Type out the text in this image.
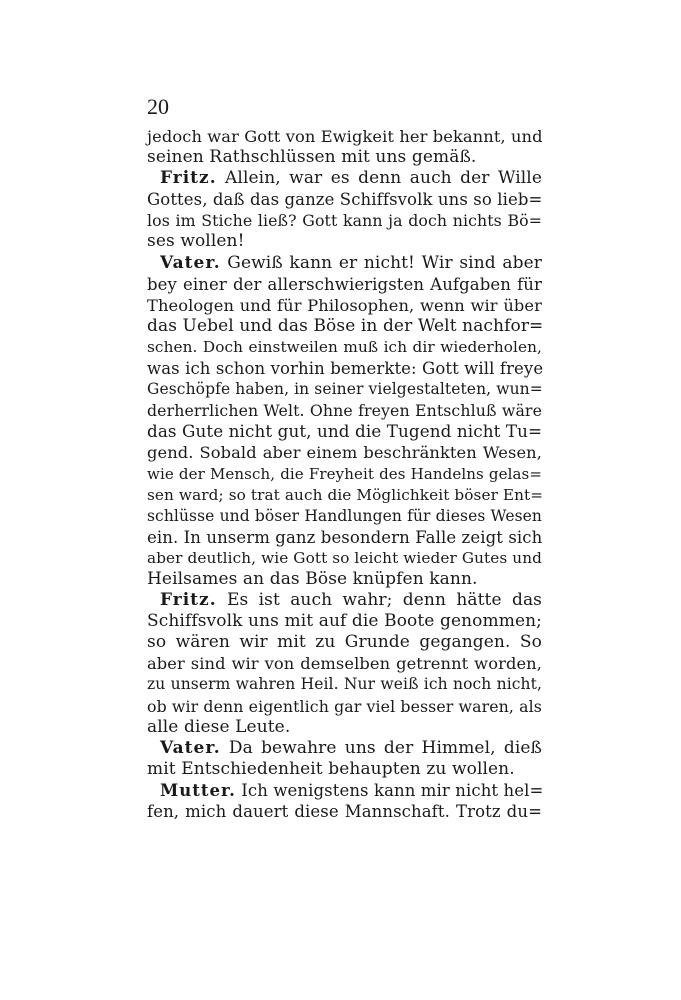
20
jedoch war Gott von Ewigkeit her bekannt, und
seinen Rathschlüssen mit uns gemäß.
Fritz. Allein, war es denn auch der Wille
Gottes, daß das ganze Schiffsvolk uns so lieb=
los im Stiche ließ? Gott kann ja doch nichts Bö=
ses wollen!
Vater. Gewiß kann er nicht! Wir sind aber
bey einer der allerschwierigsten Aufgaben für
Theologen und für Philosophen, wenn wir über
das Uebel und das Böse in der Welt nachfor=
schen. Doch einstweilen muß ich dir wiederholen,
was ich schon vorhin bemerkte: Gott will freye
Geschöpfe haben, in seiner vielgestalteten, wun=
derherrlichen Welt. Ohne freyen Entschluß wäre
das Gute nicht gut, und die Tugend nicht Tu=
gend. Sobald aber einem beschränkten Wesen,
wie der Mensch, die Freyheit des Handelns gelas=
sen ward; so trat auch die Möglichkeit böser Ent=
schlüsse und böser Handlungen für dieses Wesen
ein. In unserm ganz besondern Falle zeigt sich
aber deutlich, wie Gott so leicht wieder Gutes und
Heilsames an das Böse knüpfen kann.
Fritz. Es ist auch wahr; denn hätte das
Schiffsvolk uns mit auf die Boote genommen;
so wären wir mit zu Grunde gegangen. So
aber sind wir von demselben getrennt worden,
zu unserm wahren Heil. Nur weiß ich noch nicht,
ob wir denn eigentlich gar viel besser waren, als
alle diese Leute.
Vater. Da bewahre uns der Himmel, dieß
mit Entschiedenheit behaupten zu wollen.
Mutter. Ich wenigstens kann mir nicht hel=
fen, mich dauert diese Mannschaft. Trotz du=
